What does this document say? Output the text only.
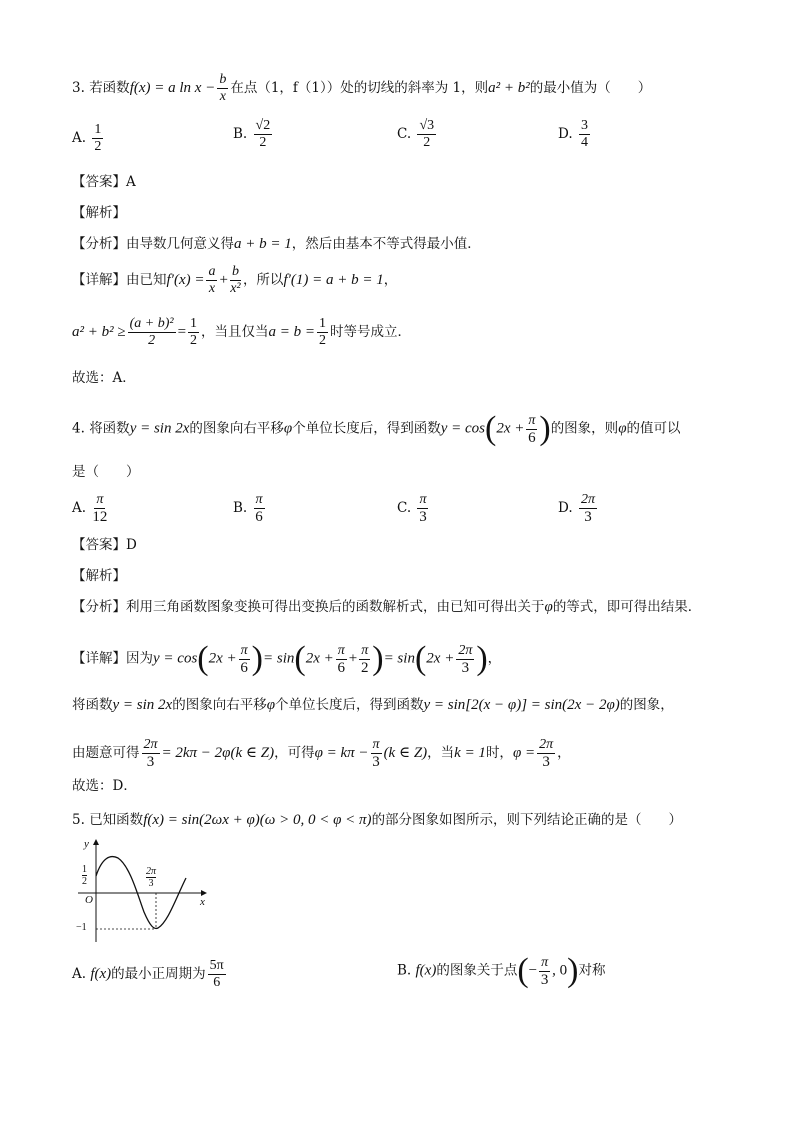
3. 若函数f(x) = a $\ln x - \frac{b}{x}$ 在点（1，f（1））处的切线的斜率为 1，则a² + b²的最小值为（　　）
A. $\frac{1}{2}$	B. $\frac{√2}{2}$	C. $\frac{√3}{2}$	D. $\frac{3}{4}$
【答案】A
【解析】
【分析】由导数几何意义得a + b = 1，然后由基本不等式得最小值．
【详解】由已知$f'(x) = \frac{a}{x} + \frac{b}{\text{x²}}$ ，所以f′(1) = a + b = 1，
$a^2 + b^2 \ge \frac{\text{(a + b)²}}{2} = \frac{1}{2}$ ，当且仅当$a = b = \frac{1}{2}$ 时等号成立．
故选：A．
4. 将函数y = sin 2x的图象向右平移φ个单位长度后，得到函数$y = \cos(2x + \frac{\pi}{6}$ )的图象，则φ的值可以
是（　　）
A. $\frac{\pi}{12}$	B. $\frac{\pi}{6}$	C. $\frac{\pi}{3}$	D. $\frac{2\pi}{3}$
【答案】D
【解析】
【分析】利用三角函数图象变换可得出变换后的函数解析式，由已知可得出关于φ的等式，即可得出结果．
【详解】因为$y = \cos(2x + \frac{\pi}{6}$ )= $\sin(2x + \frac{\pi}{6} + \frac{\pi}{2}$ )= $\sin(2x + \frac{2\pi}{3}$ )，
将函数y = sin 2x的图象向右平移φ个单位长度后，得到函数y = sin[2(x − φ)] = sin(2x − 2φ)的图象，
由题意可得 $\frac{2\pi}{3} = 2k\pi - 2\varphi(k$ ∈ Z)，可得$\varphi = k\pi - \frac{\pi}{3} (k$ ∈ Z)，当k = 1时，$\varphi = \frac{2\pi}{3}$ ，
故选：D．
5. 已知函数f(x) = sin(2ωx + φ)(ω > 0, 0 < φ < π)的部分图象如图所示，则下列结论正确的是（　　）
y
x
O
1
2
−1
2π
3
A. f(x)的最小正周期为 $\frac{5\pi}{6}$	B. f(x)的图象关于点(− $\frac{\pi}{3}$ , 0)对称
